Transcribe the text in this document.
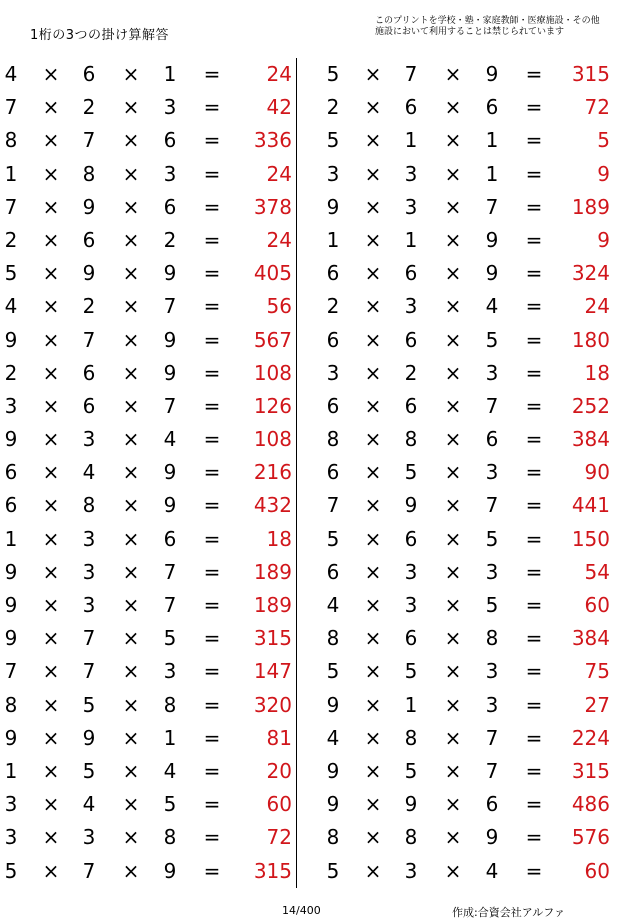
1桁の3つの掛け算解答
このプリントを学校・塾・家庭教師・医療施設・その他
施設において利用することは禁じられています
4 × 6 × 1 =	24
7 × 2 × 3 =	42
8 × 7 × 6 =	336
1 × 8 × 3 =	24
7 × 9 × 6 =	378
2 × 6 × 2 =	24
5 × 9 × 9 =	405
4 × 2 × 7 =	56
9 × 7 × 9 =	567
2 × 6 × 9 =	108
3 × 6 × 7 =	126
9 × 3 × 4 =	108
6 × 4 × 9 =	216
6 × 8 × 9 =	432
1 × 3 × 6 =	18
9 × 3 × 7 =	189
9 × 3 × 7 =	189
9 × 7 × 5 =	315
7 × 7 × 3 =	147
8 × 5 × 8 =	320
9 × 9 × 1 =	81
1 × 5 × 4 =	20
3 × 4 × 5 =	60
3 × 3 × 8 =	72
5 × 7 × 9 =	315
5 × 7 × 9 =	315
2 × 6 × 6 =	72
5 × 1 × 1 =	5
3 × 3 × 1 =	9
9 × 3 × 7 =	189
1 × 1 × 9 =	9
6 × 6 × 9 =	324
2 × 3 × 4 =	24
6 × 6 × 5 =	180
3 × 2 × 3 =	18
6 × 6 × 7 =	252
8 × 8 × 6 =	384
6 × 5 × 3 =	90
7 × 9 × 7 =	441
5 × 6 × 5 =	150
6 × 3 × 3 =	54
4 × 3 × 5 =	60
8 × 6 × 8 =	384
5 × 5 × 3 =	75
9 × 1 × 3 =	27
4 × 8 × 7 =	224
9 × 5 × 7 =	315
9 × 9 × 6 =	486
8 × 8 × 9 =	576
5 × 3 × 4 =	60
14/400	作成:合資会社アルファ
